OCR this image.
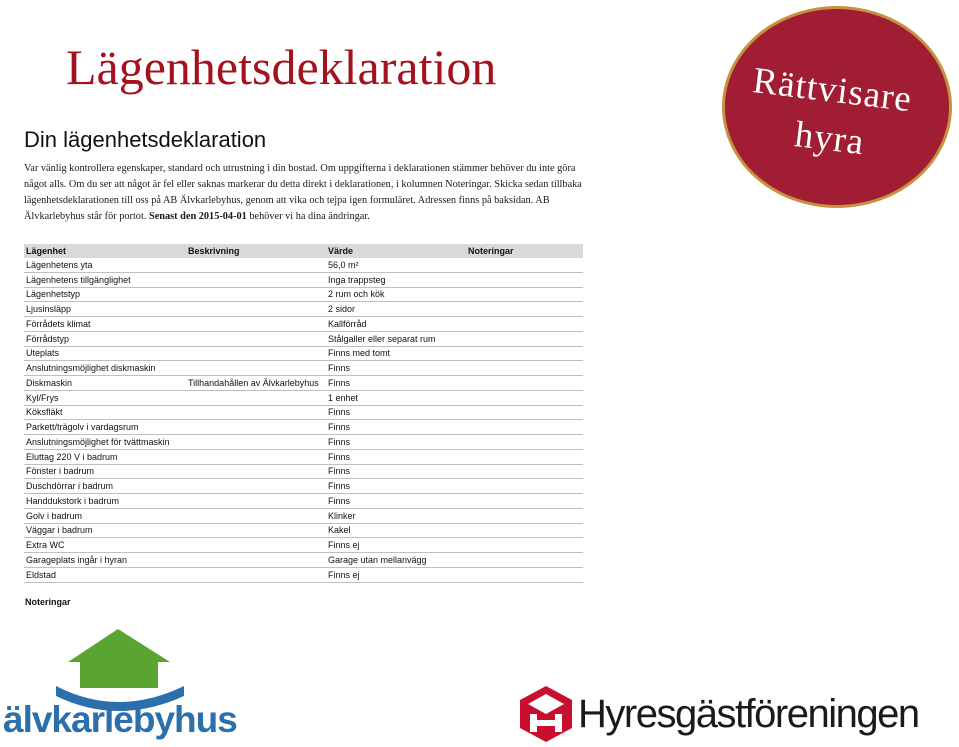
Lägenhetsdeklaration	Rättvisare
hyra
Din lägenhetsdeklaration

Var vänlig kontrollera egenskaper, standard och utrustning i din bostad. Om uppgifterna i deklarationen stämmer behöver du inte göra något alls. Om du ser att något är fel eller saknas markerar du detta direkt i deklarationen, i kolumnen Noteringar. Skicka sedan tillbaka lägenhetsdeklarationen till oss på AB Älvkarlebyhus, genom att vika och tejpa igen formuläret. Adressen finns på baksidan. AB Älvkarlebyhus står för portot. Senast den 2015-04-01 behöver vi ha dina ändringar.

Lägenhet	Beskrivning	Värde	Noteringar
Lägenhetens yta		56,0 m²	
Lägenhetens tillgänglighet		Inga trappsteg	
Lägenhetstyp		2 rum och kök	
Ljusinsläpp		2 sidor	
Förrådets klimat		Kallförråd	
Förrådstyp		Stålgaller eller separat rum	
Uteplats		Finns med tomt	
Anslutningsmöjlighet diskmaskin		Finns	
Diskmaskin	Tillhandahållen av Älvkarlebyhus	Finns	
Kyl/Frys		1 enhet	
Köksfläkt		Finns	
Parkett/trägolv i vardagsrum		Finns	
Anslutningsmöjlighet för tvättmaskin		Finns	
Eluttag 220 V i badrum		Finns	
Fönster i badrum		Finns	
Duschdörrar i badrum		Finns	
Handdukstork i badrum		Finns	
Golv i badrum		Klinker	
Väggar i badrum		Kakel	
Extra WC		Finns ej	
Garageplats ingår i hyran		Garage utan mellanvägg	
Eldstad		Finns ej	
Noteringar
älvkarlebyhus	Hyresgästföreningen
